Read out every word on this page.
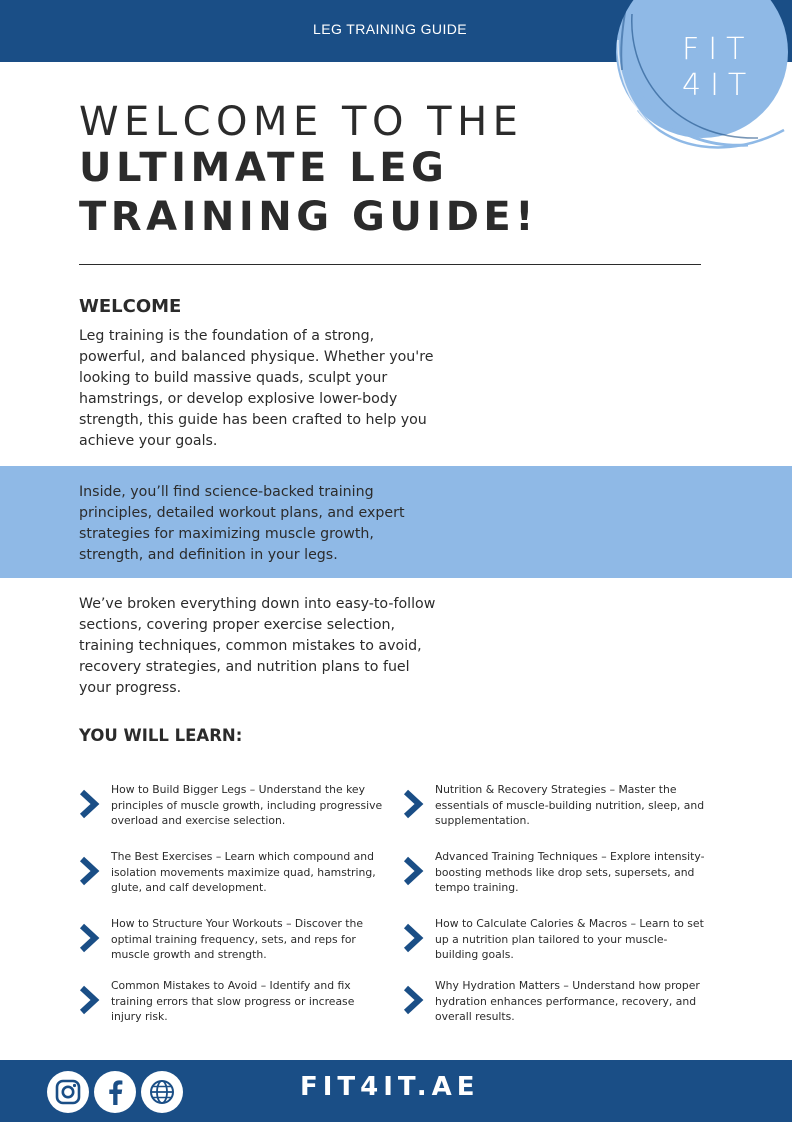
LEG TRAINING GUIDE
FIT
4IT
WELCOME TO THE
ULTIMATE LEG
TRAINING GUIDE!
WELCOME
Leg training is the foundation of a strong, powerful, and balanced physique. Whether you're looking to build massive quads, sculpt your hamstrings, or develop explosive lower-body strength, this guide has been crafted to help you achieve your goals.
Inside, you’ll find science-backed training principles, detailed workout plans, and expert strategies for maximizing muscle growth, strength, and definition in your legs.
We’ve broken everything down into easy-to-follow sections, covering proper exercise selection, training techniques, common mistakes to avoid, recovery strategies, and nutrition plans to fuel your progress.
YOU WILL LEARN:
How to Build Bigger Legs – Understand the key principles of muscle growth, including progressive overload and exercise selection.
Nutrition & Recovery Strategies – Master the essentials of muscle-building nutrition, sleep, and supplementation.
The Best Exercises – Learn which compound and isolation movements maximize quad, hamstring, glute, and calf development.
Advanced Training Techniques – Explore intensity-boosting methods like drop sets, supersets, and tempo training.
How to Structure Your Workouts – Discover the optimal training frequency, sets, and reps for muscle growth and strength.
How to Calculate Calories & Macros – Learn to set up a nutrition plan tailored to your muscle-building goals.
Common Mistakes to Avoid – Identify and fix training errors that slow progress or increase injury risk.
Why Hydration Matters – Understand how proper hydration enhances performance, recovery, and overall results.
FIT4IT.AE
